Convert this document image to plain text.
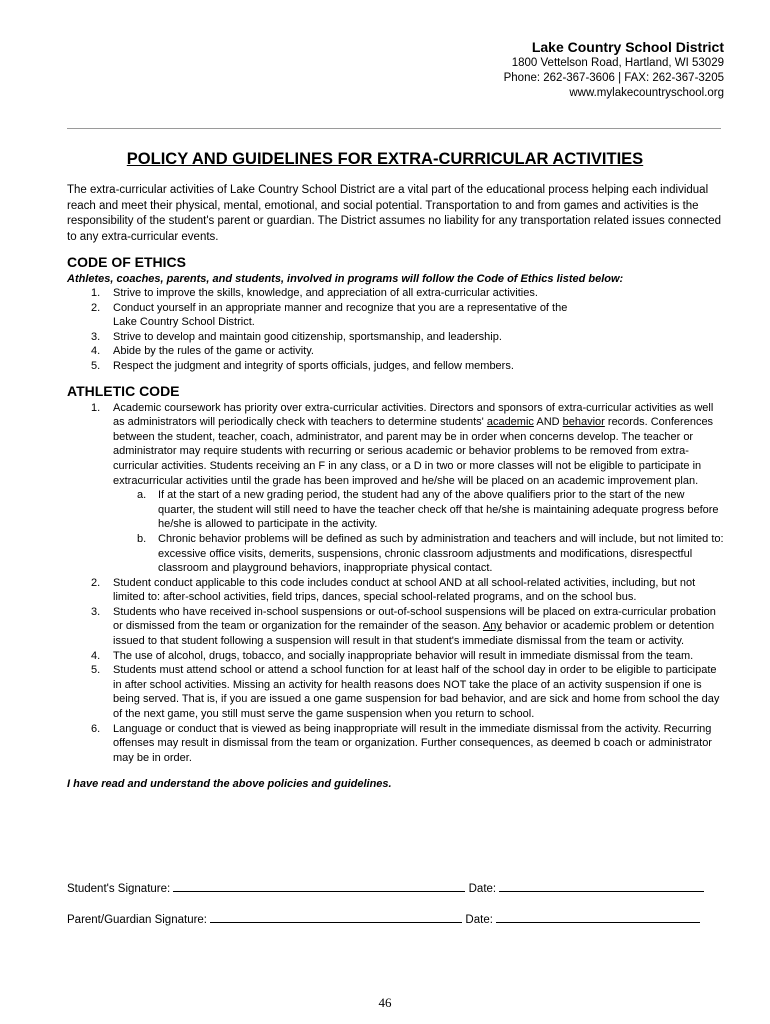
Lake Country School District
1800 Vettelson Road, Hartland, WI 53029
Phone: 262-367-3606 | FAX: 262-367-3205
www.mylakecountryschool.org
POLICY AND GUIDELINES FOR EXTRA-CURRICULAR ACTIVITIES

The extra-curricular activities of Lake Country School District are a vital part of the educational process helping each individual reach and meet their physical, mental, emotional, and social potential. Transportation to and from games and activities is the responsibility of the student's parent or guardian. The District assumes no liability for any transportation related issues connected to any extra-curricular events.

CODE OF ETHICS

Athletes, coaches, parents, and students, involved in programs will follow the Code of Ethics listed below:

1. Strive to improve the skills, knowledge, and appreciation of all extra-curricular activities.
2. Conduct yourself in an appropriate manner and recognize that you are a representative of the
Lake Country School District.
3. Strive to develop and maintain good citizenship, sportsmanship, and leadership.
4. Abide by the rules of the game or activity.
5. Respect the judgment and integrity of sports officials, judges, and fellow members.
ATHLETIC CODE
1. Academic coursework has priority over extra-curricular activities. Directors and sponsors of extra-curricular activities as well as administrators will periodically check with teachers to determine students' academic AND behavior records. Conferences between the student, teacher, coach, administrator, and parent may be in order when concerns develop. The teacher or administrator may require students with recurring or serious academic or behavior problems to be removed from extra-curricular activities. Students receiving an F in any class, or a D in two or more classes will not be eligible to participate in extracurricular activities until the grade has been improved and he/she will be placed on an academic improvement plan.
a. If at the start of a new grading period, the student had any of the above qualifiers prior to the start of the new quarter, the student will still need to have the teacher check off that he/she is maintaining adequate progress before he/she is allowed to participate in the activity.
b. Chronic behavior problems will be defined as such by administration and teachers and will include, but not limited to: excessive office visits, demerits, suspensions, chronic classroom adjustments and modifications, disrespectful classroom and playground behaviors, inappropriate physical contact.
2. Student conduct applicable to this code includes conduct at school AND at all school-related activities, including, but not limited to: after-school activities, field trips, dances, special school-related programs, and on the school bus.
3. Students who have received in-school suspensions or out-of-school suspensions will be placed on extra-curricular probation or dismissed from the team or organization for the remainder of the season. Any behavior or academic problem or detention issued to that student following a suspension will result in that student's immediate dismissal from the team or activity.
4. The use of alcohol, drugs, tobacco, and socially inappropriate behavior will result in immediate dismissal from the team.
5. Students must attend school or attend a school function for at least half of the school day in order to be eligible to participate in after school activities. Missing an activity for health reasons does NOT take the place of an activity suspension if one is being served. That is, if you are issued a one game suspension for bad behavior, and are sick and home from school the day of the next game, you still must serve the game suspension when you return to school.
6. Language or conduct that is viewed as being inappropriate will result in the immediate dismissal from the activity. Recurring offenses may result in dismissal from the team or organization. Further consequences, as deemed b coach or administrator may be in order.

I have read and understand the above policies and guidelines.

Student's Signature:	Date:
Parent/Guardian Signature:	Date:
46
